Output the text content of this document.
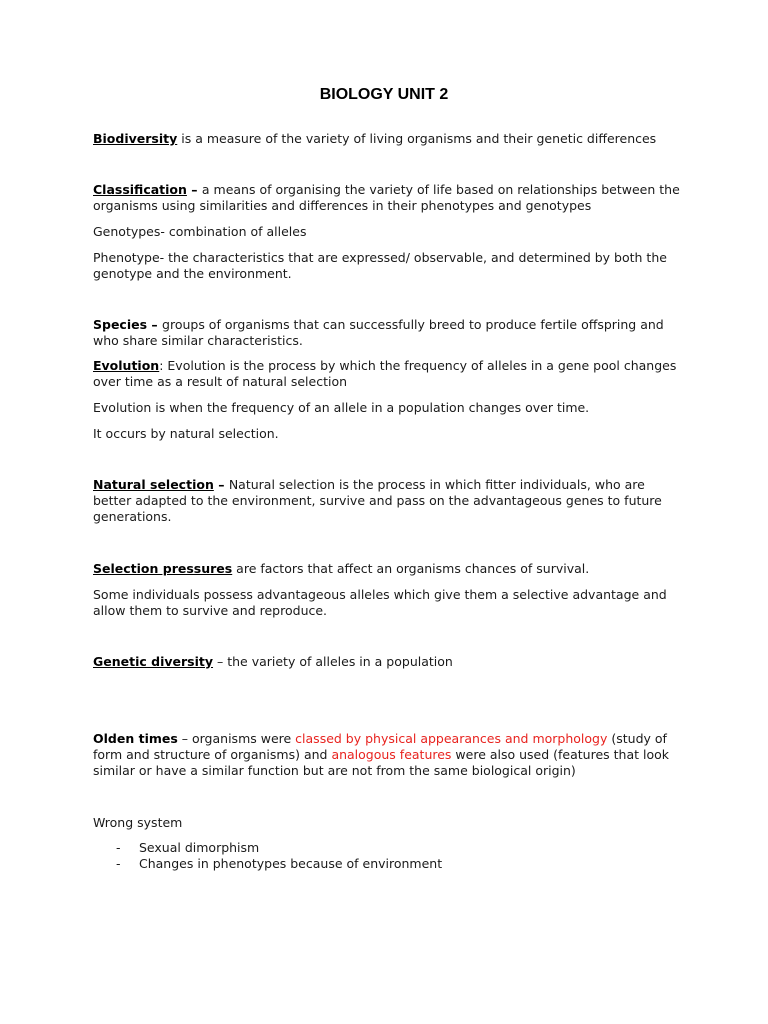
BIOLOGY UNIT 2

Biodiversity is a measure of the variety of living organisms and their genetic differences

Classification – a means of organising the variety of life based on relationships between the organisms using similarities and differences in their phenotypes and genotypes

Genotypes- combination of alleles

Phenotype- the characteristics that are expressed/ observable, and determined by both the genotype and the environment.

Species – groups of organisms that can successfully breed to produce fertile offspring and who share similar characteristics.

Evolution: Evolution is the process by which the frequency of alleles in a gene pool changes over time as a result of natural selection

Evolution is when the frequency of an allele in a population changes over time.

It occurs by natural selection.

Natural selection – Natural selection is the process in which fitter individuals, who are better adapted to the environment, survive and pass on the advantageous genes to future generations.

Selection pressures are factors that affect an organisms chances of survival.

Some individuals possess advantageous alleles which give them a selective advantage and allow them to survive and reproduce.

Genetic diversity – the variety of alleles in a population

Olden times – organisms were classed by physical appearances and morphology (study of form and structure of organisms) and analogous features were also used (features that look similar or have a similar function but are not from the same biological origin)

Wrong system

- Sexual dimorphism
- Changes in phenotypes because of environment
